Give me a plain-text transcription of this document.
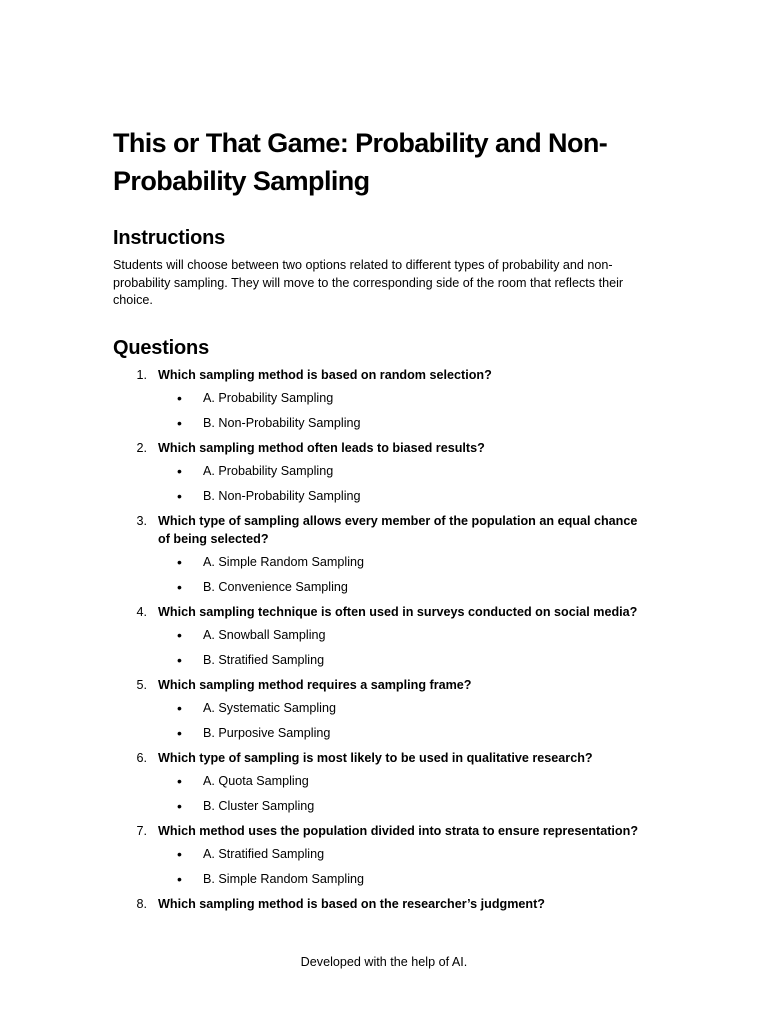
This or That Game: Probability and Non-Probability Sampling
Instructions

Students will choose between two options related to different types of probability and non-probability sampling. They will move to the corresponding side of the room that reflects their choice.

Questions
1. Which sampling method is based on random selection?
• A. Probability Sampling
• B. Non-Probability Sampling
2. Which sampling method often leads to biased results?
• A. Probability Sampling
• B. Non-Probability Sampling
3. Which type of sampling allows every member of the population an equal chance of being selected?
• A. Simple Random Sampling
• B. Convenience Sampling
4. Which sampling technique is often used in surveys conducted on social media?
• A. Snowball Sampling
• B. Stratified Sampling
5. Which sampling method requires a sampling frame?
• A. Systematic Sampling
• B. Purposive Sampling
6. Which type of sampling is most likely to be used in qualitative research?
• A. Quota Sampling
• B. Cluster Sampling
7. Which method uses the population divided into strata to ensure representation?
• A. Stratified Sampling
• B. Simple Random Sampling
8. Which sampling method is based on the researcher’s judgment?

Developed with the help of AI.
